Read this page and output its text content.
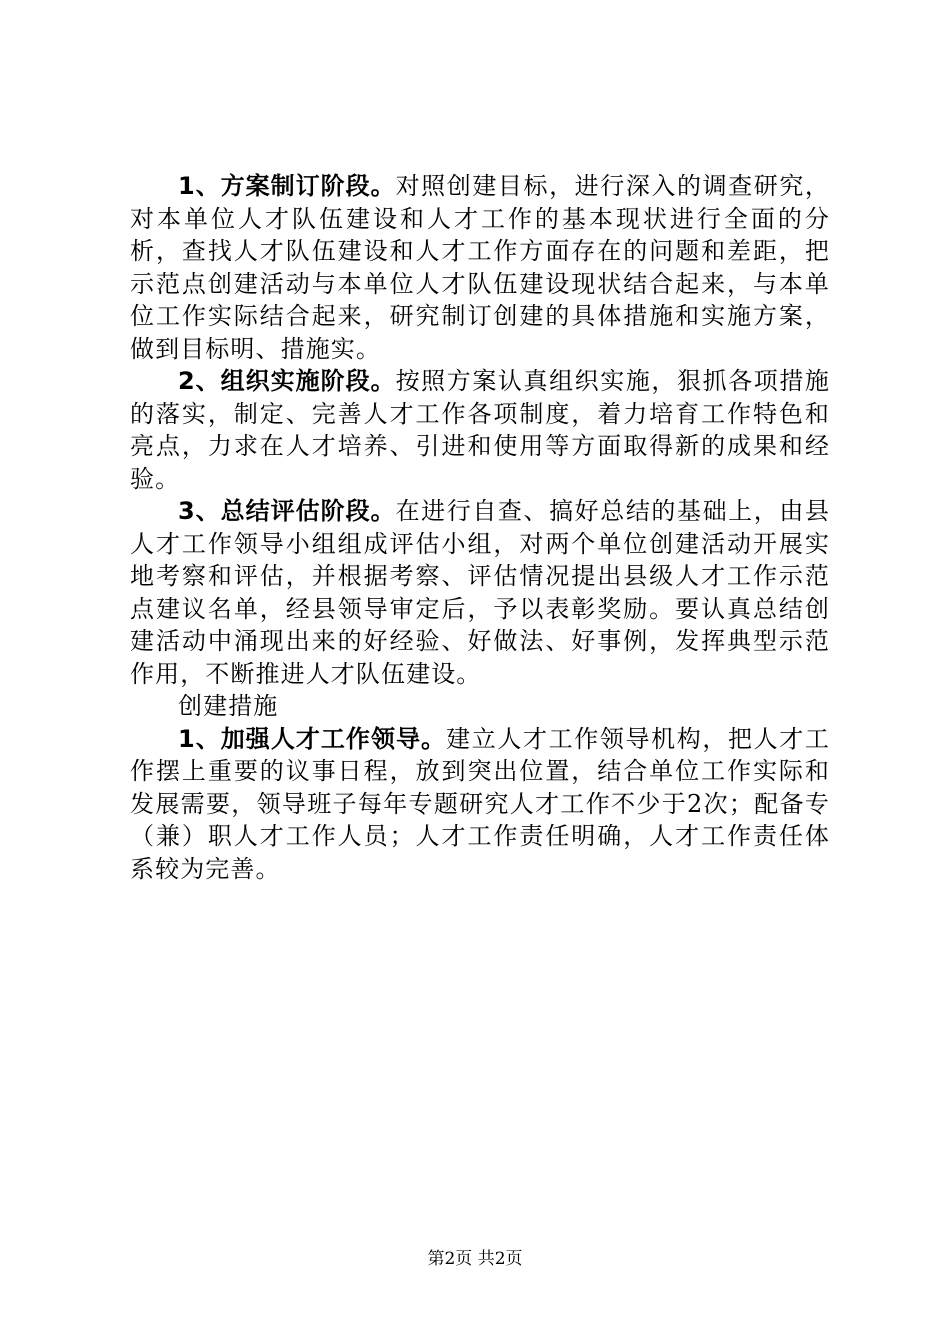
1、方案制订阶段。对照创建目标，进行深入的调查研究，对本单位人才队伍建设和人才工作的基本现状进行全面的分析，查找人才队伍建设和人才工作方面存在的问题和差距，把示范点创建活动与本单位人才队伍建设现状结合起来，与本单位工作实际结合起来，研究制订创建的具体措施和实施方案，做到目标明、措施实。

2、组织实施阶段。按照方案认真组织实施，狠抓各项措施的落实，制定、完善人才工作各项制度，着力培育工作特色和亮点，力求在人才培养、引进和使用等方面取得新的成果和经验。

3、总结评估阶段。在进行自查、搞好总结的基础上，由县人才工作领导小组组成评估小组，对两个单位创建活动开展实地考察和评估，并根据考察、评估情况提出县级人才工作示范点建议名单，经县领导审定后，予以表彰奖励。要认真总结创建活动中涌现出来的好经验、好做法、好事例，发挥典型示范作用，不断推进人才队伍建设。

创建措施

1、加强人才工作领导。建立人才工作领导机构，把人才工作摆上重要的议事日程，放到突出位置，结合单位工作实际和发展需要，领导班子每年专题研究人才工作不少于2次；配备专（兼）职人才工作人员；人才工作责任明确，人才工作责任体系较为完善。

第2页 共2页
